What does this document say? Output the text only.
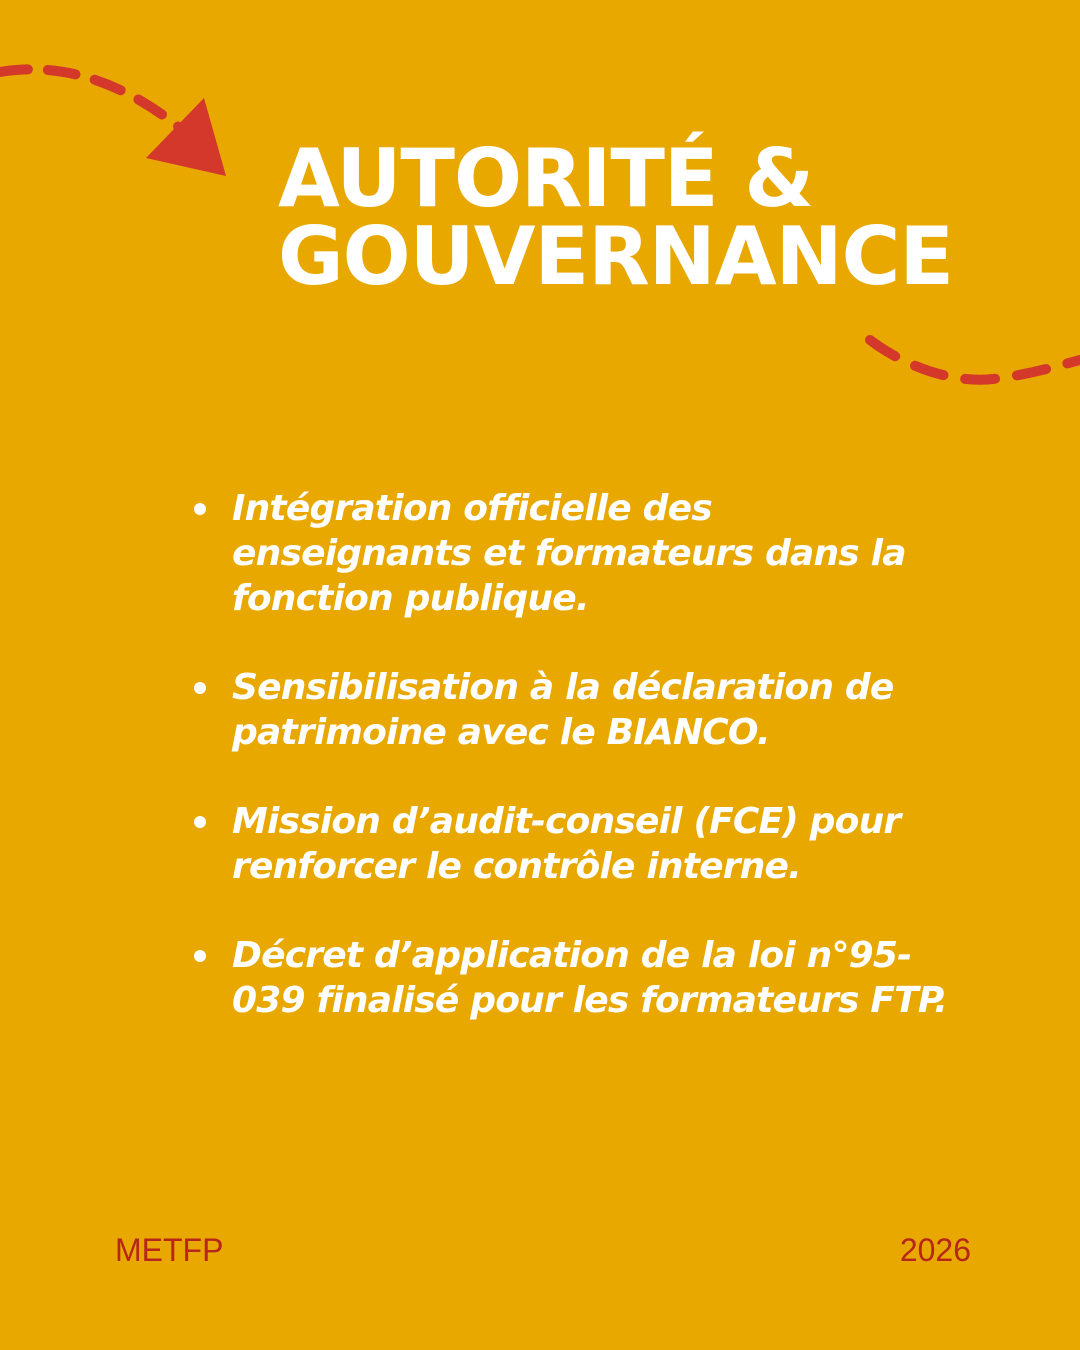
AUTORITÉ &
GOUVERNANCE
Intégration officielle des enseignants et formateurs dans la fonction publique.
Sensibilisation à la déclaration de patrimoine avec le BIANCO.
Mission d’audit-conseil (FCE) pour renforcer le contrôle interne.
Décret d’application de la loi n°95-039 finalisé pour les formateurs FTP.
METFP	2026
